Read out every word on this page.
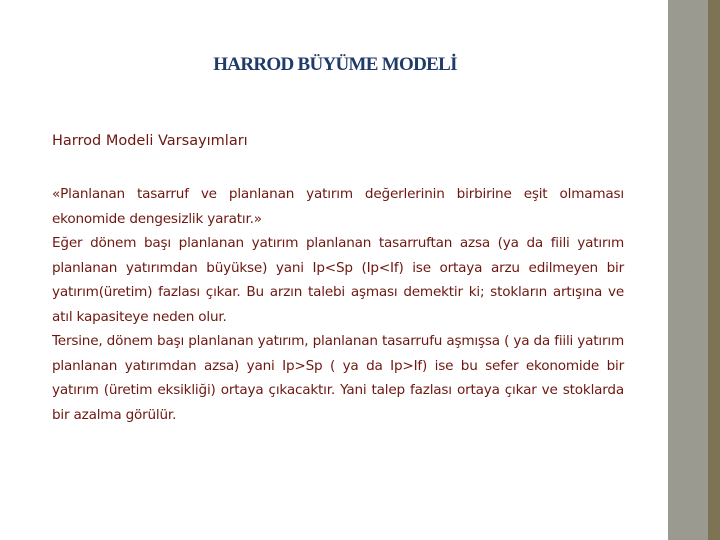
HARROD BÜYÜME MODELİ
Harrod Modeli Varsayımları

«Planlanan tasarruf ve planlanan yatırım değerlerinin birbirine eşit olmaması ekonomide dengesizlik yaratır.»

Eğer dönem başı planlanan yatırım planlanan tasarruftan azsa (ya da fiili yatırım planlanan yatırımdan büyükse) yani Ip<Sp (Ip<If) ise ortaya arzu edilmeyen bir yatırım(üretim) fazlası çıkar. Bu arzın talebi aşması demektir ki; stokların artışına ve atıl kapasiteye neden olur.

Tersine, dönem başı planlanan yatırım, planlanan tasarrufu aşmışsa ( ya da fiili yatırım planlanan yatırımdan azsa) yani Ip>Sp ( ya da Ip>If) ise bu sefer ekonomide bir yatırım (üretim eksikliği) ortaya çıkacaktır. Yani talep fazlası ortaya çıkar ve stoklarda bir azalma görülür.
